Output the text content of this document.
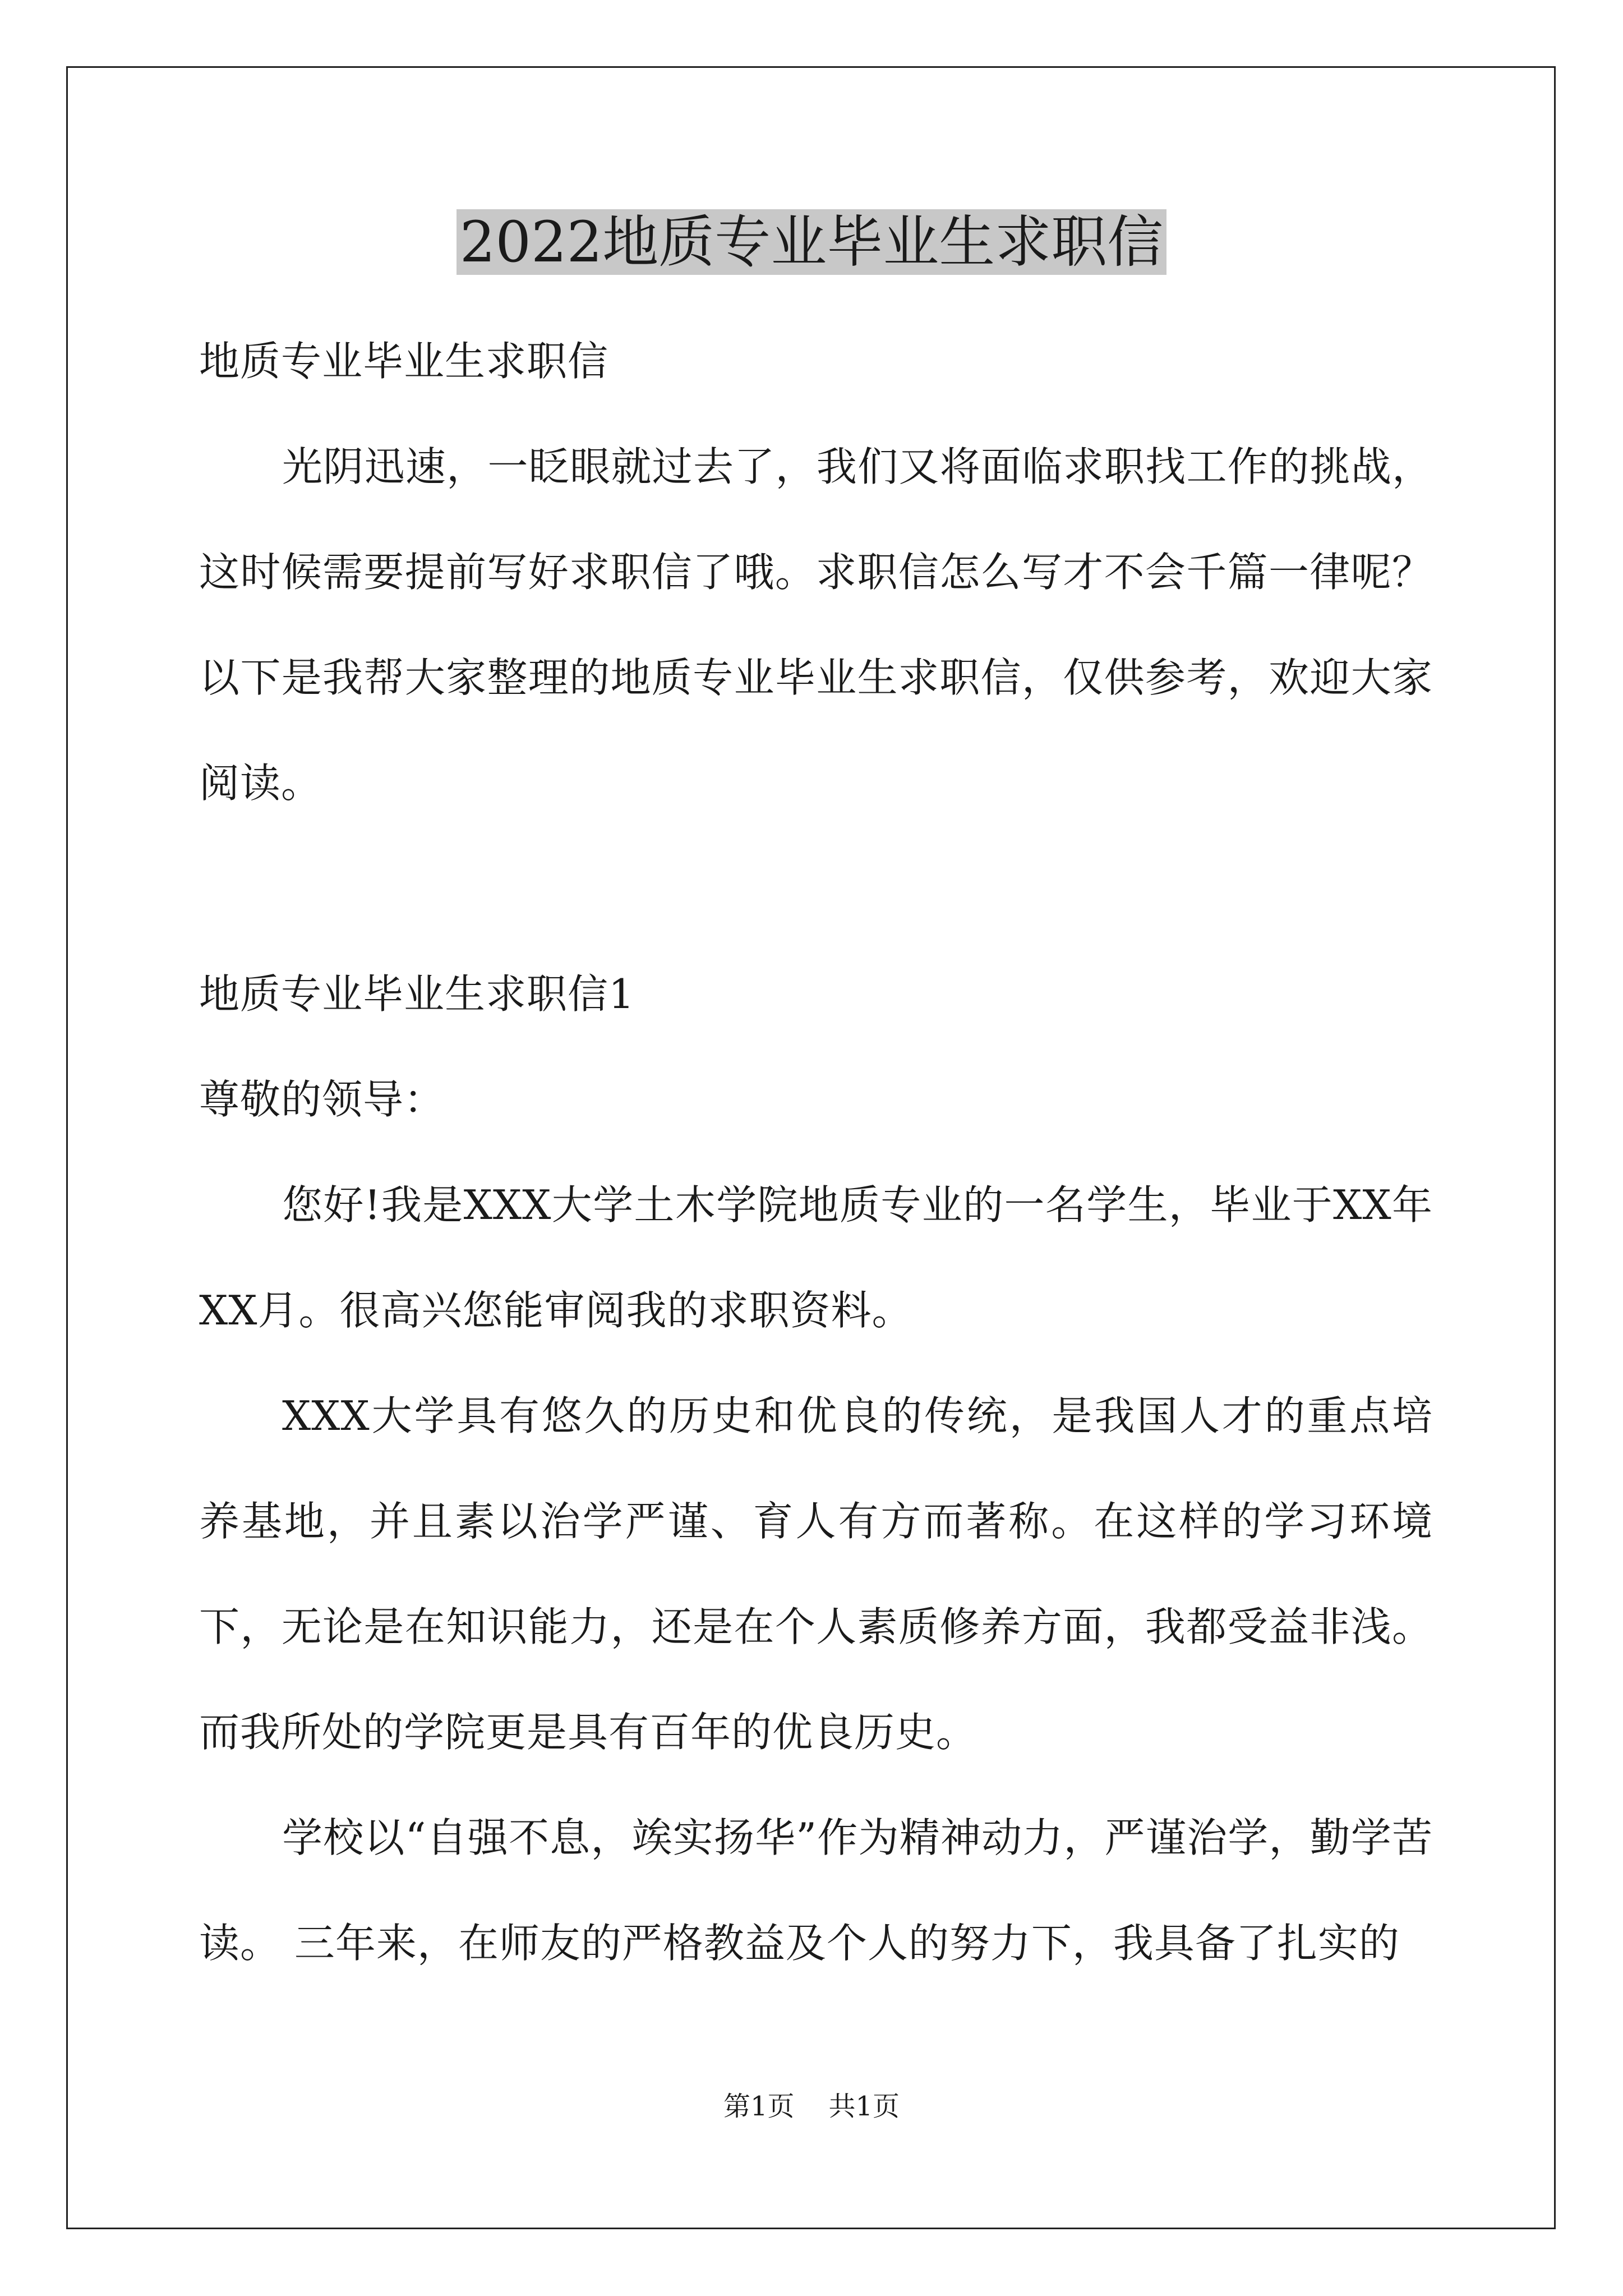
2022地质专业毕业生求职信

地质专业毕业生求职信

光阴迅速，一眨眼就过去了，我们又将面临求职找工作的挑战，这时候需要提前写好求职信了哦。求职信怎么写才不会千篇一律呢？以下是我帮大家整理的地质专业毕业生求职信，仅供参考，欢迎大家阅读。

地质专业毕业生求职信1

尊敬的领导：

您好!我是XXX大学土木学院地质专业的一名学生，毕业于XX年XX月。很高兴您能审阅我的求职资料。

XXX大学具有悠久的历史和优良的传统，是我国人才的重点培养基地，并且素以治学严谨、育人有方而著称。在这样的学习环境下，无论是在知识能力，还是在个人素质修养方面，我都受益非浅。而我所处的学院更是具有百年的优良历史。

学校以“自强不息，竢实扬华”作为精神动力，严谨治学，勤学苦读。 三年来，在师友的严格教益及个人的努力下，我具备了扎实的

第1页    共1页
